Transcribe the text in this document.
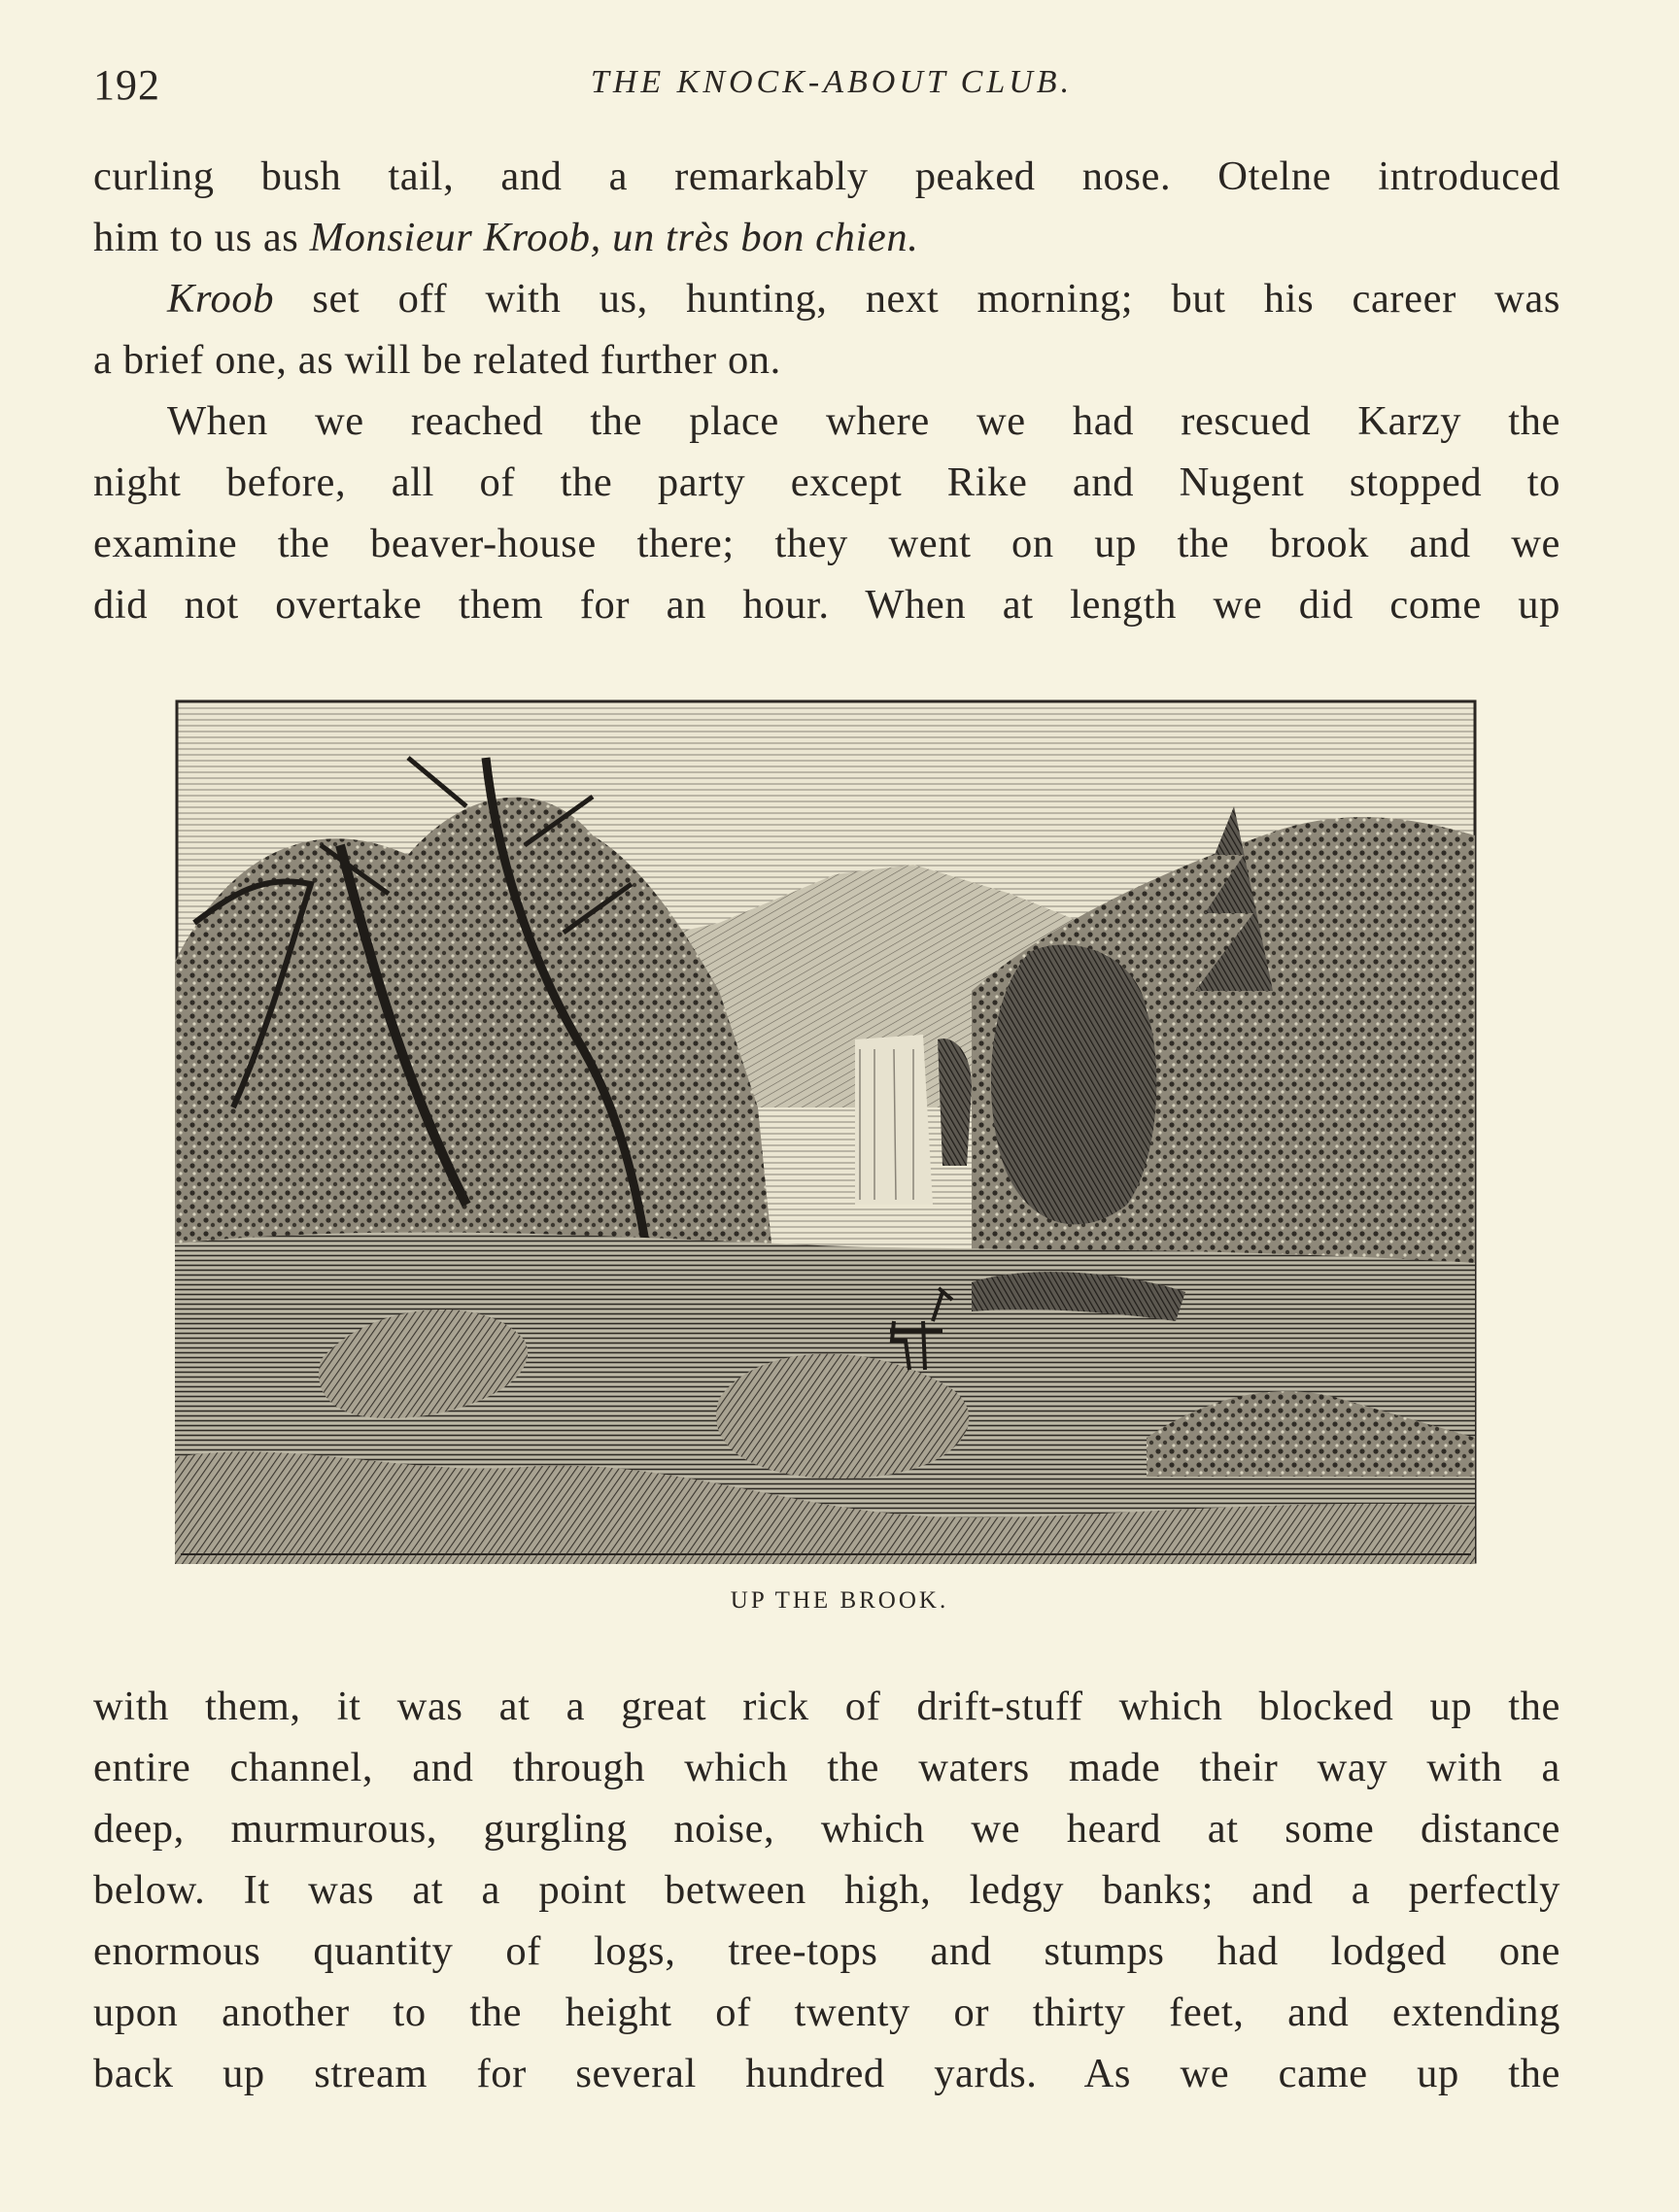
192	THE KNOCK-ABOUT CLUB.

curling bush tail, and a remarkably peaked nose. Otelne introduced
him to us as Monsieur Kroob, un très bon chien.

Kroob set off with us, hunting, next morning; but his career was
a brief one, as will be related further on.

When we reached the place where we had rescued Karzy the
night before, all of the party except Rike and Nugent stopped to
examine the beaver-house there; they went on up the brook and we
did not overtake them for an hour. When at length we did come up

UP THE BROOK.

with them, it was at a great rick of drift-stuff which blocked up the
entire channel, and through which the waters made their way with a
deep, murmurous, gurgling noise, which we heard at some distance
below. It was at a point between high, ledgy banks; and a perfectly
enormous quantity of logs, tree-tops and stumps had lodged one
upon another to the height of twenty or thirty feet, and extending
back up stream for several hundred yards. As we came up the
